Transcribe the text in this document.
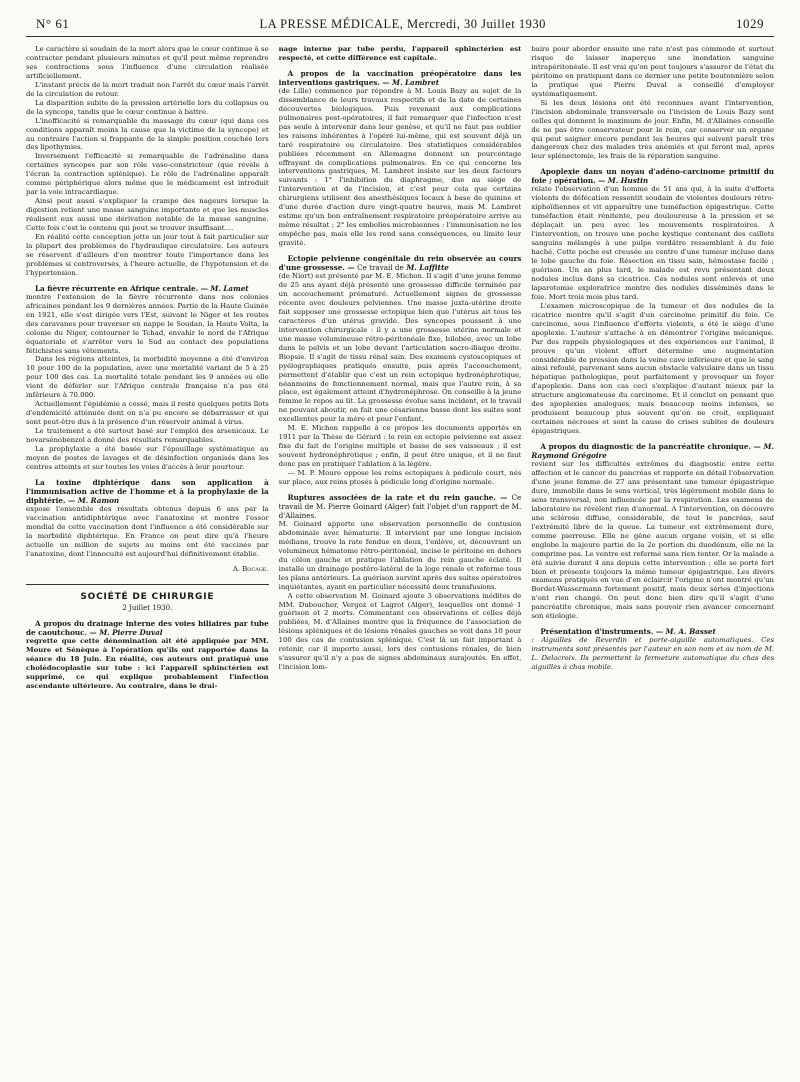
N° 61	LA PRESSE MÉDICALE, Mercredi, 30 Juillet 1930	1029

Le caractère si soudain de la mort alors que le cœur continue à se contracter pendant plusieurs minutes et qu'il peut même reprendre ses contractions sous l'influence d'une circulation réalisée artificiellement.

L'instant précis de la mort traduit non l'arrêt du cœur mais l'arrêt de la circulation de retour.

La disparition subite de la pression artérielle lors du collapsus ou de la syncope, tandis que le cœur continue à battre.

L'inefficacité si remarquable du massage du cœur (qui dans ces conditions apparaît moins la cause que la victime de la syncope) et au contraire l'action si frappante de la simple position couchée lors des lipothymies.

Inversement l'efficacité si remarquable de l'adrénaline dans certaines syncopes par son rôle vaso-constricteur (que révèle à l'écran la contraction splénique). Le rôle de l'adrénaline apparaît comme périphérique alors même que le médicament est introduit par la voie intracardiaque.

Ainsi peut aussi s'expliquer la crampe des nageurs lorsque la digestion retient une masse sanguine importante et que les muscles réalisent eux aussi une dérivation notable de la masse sanguine. Cette fois c'est le contenu qui peut se trouver insuffisant....

En réalité cette conception jette un jour tout à fait particulier sur la plupart des problèmes de l'hydraulique circulatoire. Les auteurs se réservent d'ailleurs d'en montrer toute l'importance dans les problèmes si controversés, à l'heure actuelle, de l'hypotension et de l'hypertension.

La fièvre récurrente en Afrique centrale. — M. Lamet

montre l'extension de la fièvre récurrente dans nos colonies africaines pendant les 9 dernières années. Partie de la Haute Guinée en 1921, elle s'est dirigée vers l'Est, suivant le Niger et les routes des caravanes pour traverser en nappe le Soudan, la Haute Volta, la colonie du Niger, contourner le Tchad, envahir le nord de l'Afrique équatoriale et s'arrêter vers le Sud au contact des populations fétichistes sans vêtements.

Dans les régions atteintes, la morbidité moyenne a été d'environ 10 pour 100 de la population, avec une mortalité variant de 5 à 25 pour 100 des cas. La mortalité totale pendant les 9 années où elle vient de déferler sur l'Afrique centrale française n'a pas été inférieure à 70.000.

Actuellement l'épidémie a cessé, mais il reste quelques petits îlots d'endémicité atténuée dont on n'a pu encore se débarrasser et qui sont peut-être dus à la présence d'un réservoir animal à virus.

Le traitement a été surtout basé sur l'emploi des arsenicaux. Le novarsénobenzol a donné des résultats remarquables.

La prophylaxie a été basée sur l'épouillage systématique au moyen de postes de lavages et de désinfection organisés dans les centres atteints et sur toutes les voies d'accès à leur pourtour.

La toxine diphtérique dans son application à l'immunisation active de l'homme et à la prophylaxie de la diphtérie. — M. Ramon

expose l'ensemble des résultats obtenus depuis 6 ans par la vaccination antidiphtérique avec l'anatoxine et montre l'essor mondial de cette vaccination dont l'influence a été considérable sur la morbidité diphtérique. En France on peut dire qu'à l'heure actuelle un million de sujets au moins ont été vaccinés par l'anatoxine, dont l'innocuité est aujourd'hui définitivement établie.

A. Bocage.

SOCIÉTÉ DE CHIRURGIE
2 Juillet 1930.
A propos du drainage interne des voies biliaires par tube de caoutchouc. — M. Pierre Duval

regrette que cette dénomination ait été appliquée par MM. Moure et Sénèque à l'opération qu'ils ont rapportée dans la séance du 18 Juin. En réalité, ces auteurs ont pratiqué une cholédocoplastie sur tube : ici l'appareil sphinctérien est supprimé, ce qui explique probablement l'infection ascendante ultérieure. Au contraire, dans le drai-

nage interne par tube perdu, l'appareil sphinctérien est respecté, et cette différence est capitale.

A propos de la vaccination préopératoire dans les interventions gastriques. — M. Lambret

(de Lille) commence par répondre à M. Louis Bazy au sujet de la dissemblance de leurs travaux respectifs et de la date de certaines découvertes biologiques. Puis revenant aux complications pulmonaires post-opératoires, il fait remarquer que l'infection n'est pas seule à intervenir dans leur genèse, et qu'il ne faut pas oublier les raisons inhérentes à l'opéré lui-même, qui est souvent déjà un taré respiratoire ou circulatoire. Des statistiques considérables publiées récemment en Allemagne donnent un pourcentage effrayant de complications pulmonaires. En ce qui concerne les interventions gastriques, M. Lambret insiste sur les deux facteurs suivants : 1° l'inhibition du diaphragme, due au siège de l'intervention et de l'incision, et c'est pour cela que certains chirurgiens utilisent des anesthésiques locaux à base de quinine et d'une durée d'action dure vingt-quatre heures, mais M. Lambret estime qu'un bon entraînement respiratoire préopératoire arrive au même résultat ; 2° les embolies microbiennes : l'immunisation ne les empêche pas, mais elle les rend sans conséquences, ou limite leur gravité.

Ectopie pelvienne congénitale du rein observée au cours d'une grossesse. — Ce travail de M. Laffitte

(de Niort) est présenté par M. E. Michon. Il s'agit d'une jeune femme de 25 ans ayant déjà présenté une grossesse difficile terminée par un accouchement prématuré. Actuellement signes de grossesse récente avec douleurs pelviennes. Une masse juxta-utérine droite fait supposer une grossesse ectopique bien que l'utérus ait tous les caractères d'un utérus gravide. Des syncopes poussent à une intervention chirurgicale : il y a une grossesse utérine normale et une masse volumineuse rétro-péritonéale fixe, bilobée, avec un lobe dans le pelvis et un lobe devant l'articulation sacro-iliaque droite. Biopsie. Il s'agit de tissu rénal sain. Des examens cystoscopiques et pyélographiques pratiqués ensuite, puis après l'accouchement, permettent d'établir que c'est un rein ectopique hydronéphrotique, néanmoins de fonctionnement normal, mais que l'autre rein, à sa place, est également atteint d'hydronéphrose. On conseille à la jeune femme le repos au lit. La grossesse évolue sans incident, et le travail ne pouvant aboutir, on fait une césarienne basse dont les suites sont excellentes pour la mère et pour l'enfant.

M. E. Michon rappelle à ce propos les documents apportés en 1911 par la Thèse de Gérard : le rein en ectopie pelvienne est assez fixe du fait de l'origine multiple et basse de ses vaisseaux ; il est souvent hydronéphrotique ; enfin, il peut être unique, et il ne faut donc pas en pratiquer l'ablation à la légère.

— M. P. Moure oppose les reins ectopiques à pédicule court, nés sur place, aux reins ptosés à pédicule long d'origine normale.

Ruptures associées de la rate et du rein gauche. — Ce travail de M. Pierre Goinard (Alger) fait l'objet d'un rapport de M. d'Allaines.

M. Goinard apporte une observation personnelle de contusion abdominale avec hématurie. Il intervient par une longue incision médiane, trouve la rate fendue en deux, l'enlève, et, découvrant un volumineux hématome rétro-péritonéal, incise le péritoine en dehors du côlon gauche et pratique l'ablation du rein gauche éclaté. Il installe un drainage postéro-latéral de la loge rénale et referme tous les plans antérieurs. La guérison survint après des suites opératoires inquiétantes, ayant en particulier nécessité deux transfusions.

A cette observation M. Goinard ajoute 3 observations inédites de MM. Duboucher, Vergoz et Lagrot (Alger), lesquelles ont donné 1 guérison et 2 morts. Commentant ces observations et celles déjà publiées, M. d'Allaines montre que la fréquence de l'association de lésions spléniques et de lésions rénales gauches se voit dans 10 pour 100 des cas de contusion splénique. C'est là un fait important à retenir, car il importe aussi, lors des contusions rénales, de bien s'assurer qu'il n'y a pas de signes abdominaux surajoutés. En effet, l'incision lom-

baire pour aborder ensuite une rate n'est pas commode et surtout risque de laisser inaperçue une inondation sanguine intrapéritonéale. Il est vrai qu'on peut toujours s'assurer de l'état du péritoine en pratiquant dans ce dernier une petite boutonnière selon la pratique que Pierre Duval a conseillé d'employer systématiquement.

Si les deux lésions ont été reconnues avant l'intervention, l'incision abdominale transversale ou l'incision de Louis Bazy sont celles qui donnent le maximum de jour. Enfin, M. d'Allaines conseille de ne pas être conservateur pour le rein, car conserver un organe qui peut saigner encore pendant les heures qui suivent paraît très dangereux chez des malades très anémiés et qui feront mal, après leur splénectomie, les frais de la réparation sanguine.

Apoplexie dans un noyau d'adéno-carcinome primitif du foie ; opération. — M. Hustin

relate l'observation d'un homme de 51 ans qui, à la suite d'efforts violents de défécation ressentit soudain de violentes douleurs rétro-xiphoïdiennes et vit apparaître une tuméfaction épigastrique. Cette tuméfaction était rénitente, peu douloureuse à la pression et se déplaçait un peu avec les mouvements respiratoires. A l'intervention, on trouve une poche kystique contenant des caillots sanguins mélangés à une pulpe verdâtre ressemblant à du foie haché. Cette poche est creusée au centre d'une tumeur incluse dans le lobe gauche du foie. Résection en tissu sain, hémostase facile ; guérison. Un an plus tard, le malade est revu présentant deux nodules inclus dans sa cicatrice. Ces nodules sont enlevés et une laparotomie exploratrice montre des nodules disséminés dans le foie. Mort trois mois plus tard.

L'examen microscopique de la tumeur et des nodules de la cicatrice montre qu'il s'agit d'un carcinome primitif du foie. Ce carcinome, sous l'influence d'efforts violents, a été le siège d'une apoplexie. L'auteur s'attache à en démontrer l'origine mécanique. Par des rappels physiologiques et des expériences sur l'animal, il prouve qu'un violent effort détermine une augmentation considérable de pression dans la veine cave inférieure et que le sang ainsi refoulé, parvenant sans aucun obstacle valvulaire dans un tissu hépatique pathologique, peut parfaitement y provoquer un foyer d'apoplexie. Dans son cas ceci s'explique d'autant mieux par la structure angiomateuse du carcinome. Et il conclut en pensant que des apoplexies analogues, mais beaucoup moins intenses, se produisent beaucoup plus souvent qu'on ne croit, expliquant certaines nécroses et sont la cause de crises subites de douleurs épigastriques.

A propos du diagnostic de la pancréatite chronique. — M. Raymond Grégoire

revient sur les difficultés extrêmes du diagnostic entre cette affection et le cancer du pancréas et rapporte en détail l'observation d'une jeune femme de 27 ans présentant une tumeur épigastrique dure, immobile dans le sens vertical, très légèrement mobile dans le sens transversal, non influencée par la respiration. Les examens de laboratoire ne révèlent rien d'anormal. A l'intervention, on découvre une sclérose diffuse, considérable, de tout le pancréas, sauf l'extrémité libre de la queue. La tumeur est extrêmement dure, comme pierreuse. Elle ne gêne aucun organe voisin, et si elle englobe la majeure partie de la 2e portion du duodénum, elle ne la comprime pas. Le ventre est refermé sans rien tenter. Or la malade a été suivie durant 4 ans depuis cette intervention ; elle se porte fort bien et présente toujours la même tumeur épigastrique. Les divers examens pratiqués en vue d'en éclaircir l'origine n'ont montré qu'un Bordet-Wassermann fortement positif, mais deux séries d'injections n'ont rien changé. On peut donc bien dire qu'il s'agit d'une pancréatite chronique, mais sans pouvoir rien avancer concernant son étiologie.

Présentation d'instruments. — M. A. Basset

: Aiguilles de Reverdin et porte-aiguille automatiques. Ces instruments sont présentés par l'auteur en son nom et au nom de M. L. Delacroix. Ils permettent la fermeture automatique du chas des aiguilles à chas mobile.
